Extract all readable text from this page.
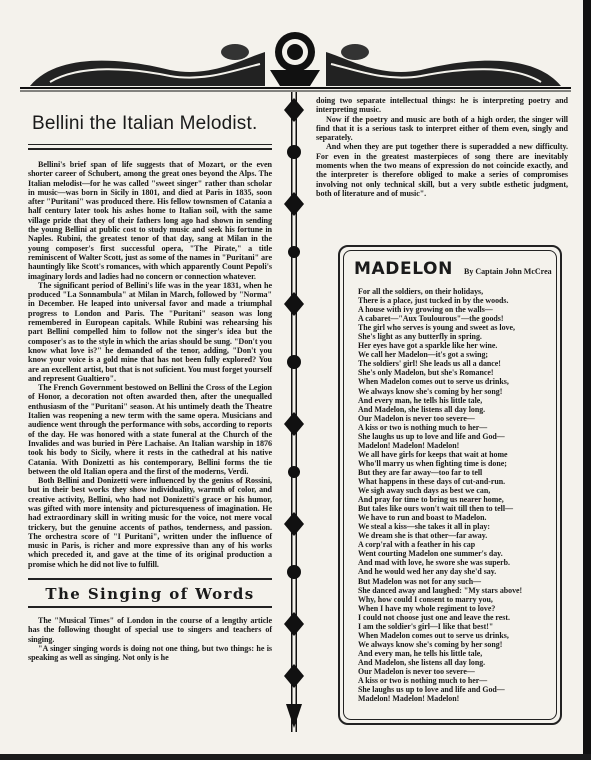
Bellini the Italian Melodist.

Bellini's brief span of life suggests that of Mozart, or the even shorter career of Schubert, among the great ones beyond the Alps. The Italian melodist—for he was called "sweet singer" rather than scholar in music—was born in Sicily in 1801, and died at Paris in 1835, soon after "Puritani" was produced there. His fellow townsmen of Catania a half century later took his ashes home to Italian soil, with the same village pride that they of their fathers long ago had shown in sending the young Bellini at public cost to study music and seek his fortune in Naples. Rubini, the greatest tenor of that day, sang at Milan in the young composer's first successful opera, "The Pirate," a title reminiscent of Walter Scott, just as some of the names in "Puritani" are hauntingly like Scott's romances, with which apparently Count Pepoli's imaginary lords and ladies had no concern or connection whatever.

The significant period of Bellini's life was in the year 1831, when he produced "La Sonnambula" at Milan in March, followed by "Norma" in December. He leaped into universal favor and made a triumphal progress to London and Paris. The "Puritani" season was long remembered in European capitals. While Rubini was rehearsing his part Bellini compelled him to follow not the singer's idea but the composer's as to the style in which the arias should be sung. "Don't you know what love is?" he demanded of the tenor, adding, "Don't you know your voice is a gold mine that has not been fully explored? You are an excellent artist, but that is not suficient. You must forget yourself and represent Gualtiero".

The French Government bestowed on Bellini the Cross of the Legion of Honor, a decoration not often awarded then, after the unequalled enthusiasm of the "Puritani" season. At his untimely death the Theatre Italien was reopening a new term with the same opera. Musicians and audience went through the performance with sobs, according to reports of the day. He was honored with a state funeral at the Church of the Invalides and was buried in Père Lachaise. An Italian warship in 1876 took his body to Sicily, where it rests in the cathedral at his native Catania. With Donizetti as his contemporary, Bellini forms the tie between the old Italian opera and the first of the moderns, Verdi.

Both Bellini and Donizetti were influenced by the genius of Rossini, but in their best works they show individuality, warmth of color, and creative activity, Bellini, who had not Donizetti's grace or his humor, was gifted with more intensity and picturesqueness of imagination. He had extraordinary skill in writing music for the voice, not mere vocal trickery, but the genuine accents of pathos, tenderness, and passion. The orchestra score of "I Puritani", written under the influence of music in Paris, is richer and more expressive than any of his works which preceded it, and gave at the time of its original production a promise which he did not live to fulfill.

The Singing of Words

The "Musical Times" of London in the course of a lengthy article has the following thought of special use to singers and teachers of singing.

"A singer singing words is doing not one thing, but two things: he is speaking as well as singing. Not only is he

doing two separate intellectual things: he is interpreting poetry and interpreting music.

Now if the poetry and music are both of a high order, the singer will find that it is a serious task to interpret either of them even, singly and separately.

And when they are put together there is superadded a new difficulty. For even in the greatest masterpieces of song there are inevitably moments when the two means of expression do not coincide exactly, and the interpreter is therefore obliged to make a series of compromises involving not only technical skill, but a very subtle esthetic judgment, both of literature and of music".

MADELON By Captain John McCrea
For all the soldiers, on their holidays,
There is a place, just tucked in by the woods.
A house with ivy growing on the walls—
A cabaret—"Aux Toulourous"—the goods!
The girl who serves is young and sweet as love,
She's light as any butterfly in spring.
Her eyes have got a sparkle like her wine.
We call her Madelon—it's got a swing;
The soldiers' girl! She leads us all a dance!
She's only Madelon, but she's Romance!
When Madelon comes out to serve us drinks,
We always know she's coming by her song!
And every man, he tells his little tale,
And Madelon, she listens all day long.
Our Madelon is never too severe—
A kiss or two is nothing much to her—
She laughs us up to love and life and God—
Madelon! Madelon! Madelon!
We all have girls for keeps that wait at home
Who'll marry us when fighting time is done;
But they are far away—too far to tell
What happens in these days of cut-and-run.
We sigh away such days as best we can,
And pray for time to bring us nearer home,
But tales like ours won't wait till then to tell—
We have to run and boast to Madelon.
We steal a kiss—she takes it all in play:
We dream she is that other—far away.
A corp'ral with a feather in his cap
Went courting Madelon one summer's day.
And mad with love, he swore she was superb.
And he would wed her any day she'd say.
But Madelon was not for any such—
She danced away and laughed: "My stars above!
Why, how could I consent to marry you,
When I have my whole regiment to love?
I could not choose just one and leave the rest.
I am the soldier's girl—I like that best!"
When Madelon comes out to serve us drinks,
We always know she's coming by her song!
And every man, he tells his little tale,
And Madelon, she listens all day long.
Our Madelon is never too severe—
A kiss or two is nothing much to her—
She laughs us up to love and life and God—
Madelon! Madelon! Madelon!
